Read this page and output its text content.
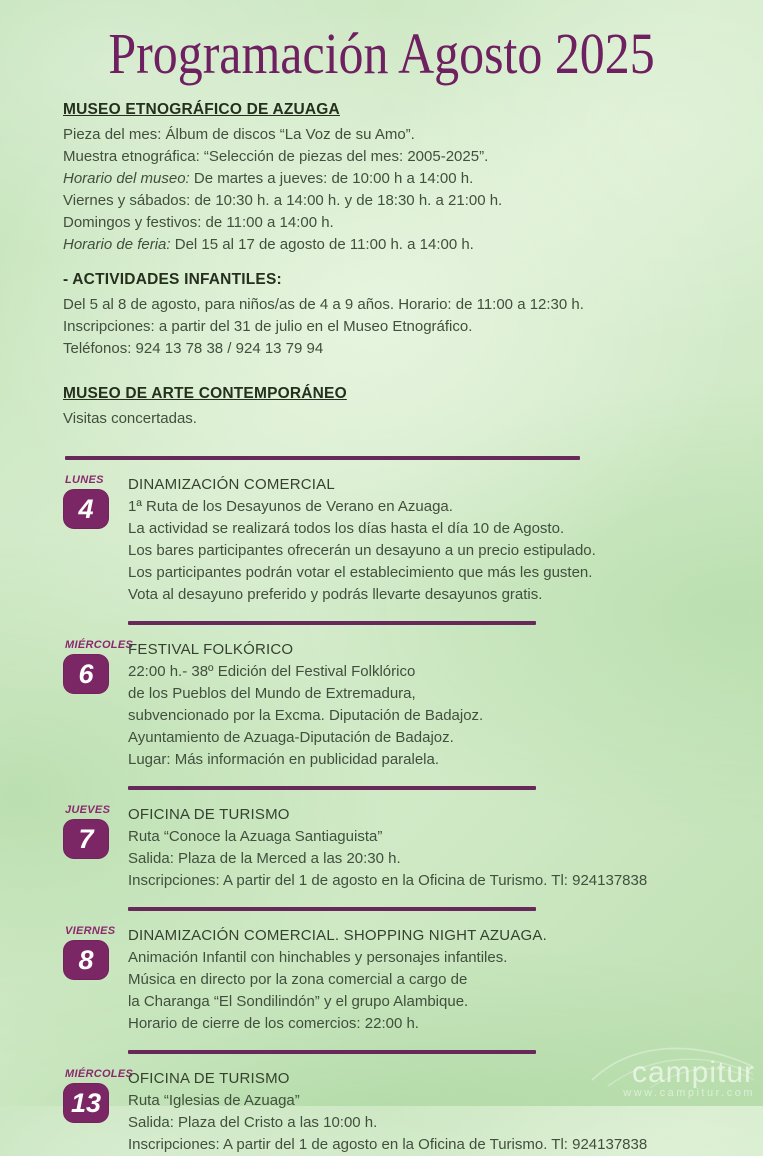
Programación Agosto 2025
MUSEO ETNOGRÁFICO DE AZUAGA

Pieza del mes: Álbum de discos “La Voz de su Amo”.

Muestra etnográfica: “Selección de piezas del mes: 2005-2025”.

Horario del museo: De martes a jueves: de 10:00 h a 14:00 h.

Viernes y sábados: de 10:30 h. a 14:00 h. y de 18:30 h. a 21:00 h.

Domingos y festivos: de 11:00 a 14:00 h.

Horario de feria: Del 15 al 17 de agosto de 11:00 h. a 14:00 h.

- ACTIVIDADES INFANTILES:

Del 5 al 8 de agosto, para niños/as de 4 a 9 años. Horario: de 11:00 a 12:30 h.

Inscripciones: a partir del 31 de julio en el Museo Etnográfico.

Teléfonos: 924 13 78 38 / 924 13 79 94

MUSEO DE ARTE CONTEMPORÁNEO

Visitas concertadas.

LUNES
4
DINAMIZACIÓN COMERCIAL

1ª Ruta de los Desayunos de Verano en Azuaga.

La actividad se realizará todos los días hasta el día 10 de Agosto.

Los bares participantes ofrecerán un desayuno a un precio estipulado.

Los participantes podrán votar el establecimiento que más les gusten.

Vota al desayuno preferido y podrás llevarte desayunos gratis.

MIÉRCOLES
6
FESTIVAL FOLKÓRICO

22:00 h.- 38º Edición del Festival Folklórico

de los Pueblos del Mundo de Extremadura,

subvencionado por la Excma. Diputación de Badajoz.

Ayuntamiento de Azuaga-Diputación de Badajoz.

Lugar: Más información en publicidad paralela.

JUEVES
7
OFICINA DE TURISMO

Ruta “Conoce la Azuaga Santiaguista”

Salida: Plaza de la Merced a las 20:30 h.

Inscripciones: A partir del 1 de agosto en la Oficina de Turismo. Tl: 924137838

VIERNES
8
DINAMIZACIÓN COMERCIAL. SHOPPING NIGHT AZUAGA.

Animación Infantil con hinchables y personajes infantiles.

Música en directo por la zona comercial a cargo de

la Charanga “El Sondilindón” y el grupo Alambique.

Horario de cierre de los comercios: 22:00 h.

MIÉRCOLES
13
OFICINA DE TURISMO

Ruta “Iglesias de Azuaga”

Salida: Plaza del Cristo a las 10:00 h.

Inscripciones: A partir del 1 de agosto en la Oficina de Turismo. Tl: 924137838

campitur
www.campitur.com
